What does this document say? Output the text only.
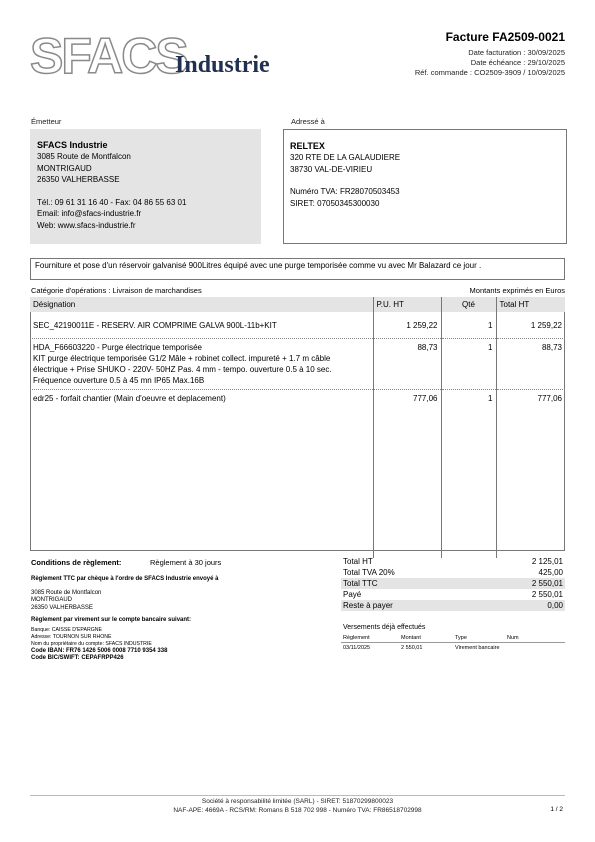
SFACS
Industrie
Facture FA2509-0021
Date facturation : 30/09/2025
Date échéance : 29/10/2025
Réf. commande : CO2509-3909 / 10/09/2025
Émetteur	Adressé à
SFACS Industrie
3085 Route de Montfalcon
MONTRIGAUD
26350 VALHERBASSE
Tél.: 09 61 31 16 40 - Fax: 04 86 55 63 01
Email: info@sfacs-industrie.fr
Web: www.sfacs-industrie.fr
RELTEX
320 RTE DE LA GALAUDIERE
38730 VAL-DE-VIRIEU
Numéro TVA: FR28070503453
SIRET: 07050345300030
Fourniture et pose d'un réservoir galvanisé 900Litres équipé avec une purge temporisée comme vu avec Mr Balazard ce jour .
Catégorie d'opérations : Livraison de marchandises	Montants exprimés en Euros
Désignation	P.U. HT	Qté	Total HT
SEC_42190011E - RESERV. AIR COMPRIME GALVA 900L-11b+KIT	1 259,22	1	1 259,22

HDA_F66603220 - Purge électrique temporisée
KIT purge électrique temporisée G1/2 Mâle + robinet collect. impureté + 1.7 m câble
électrique + Prise SHUKO - 220V- 50HZ Pas. 4 mm - tempo. ouverture 0.5 à 10 sec.
Fréquence ouverture 0.5 à 45 mn IP65 Max.16B	88,73	1	88,73
edr25 - forfait chantier (Main d'oeuvre et deplacement)	777,06	1	777,06
Conditions de règlement:	Règlement à 30 jours
Règlement TTC par chèque à l'ordre de SFACS Industrie envoyé à
3085 Route de Montfalcon
MONTRIGAUD
26350 VALHERBASSE
Règlement par virement sur le compte bancaire suivant:
Banque: CAISSE D'EPARGNE
Adresse: TOURNON SUR RHONE
Nom du propriétaire du compte: SFACS INDUSTRIE
Code IBAN: FR76 1426 5006 0008 7710 9354 338
Code BIC/SWIFT: CEPAFRPP426
Total HT	2 125,01
Total TVA 20%	425,00
Total TTC	2 550,01
Payé	2 550,01
Reste à payer	0,00
Versements déjà effectués
Règlement	Montant	Type	Num
03/11/2025	2 550,01	Virement bancaire	
Société à responsabilité limitée (SARL) - SIRET: 51870299800023
NAF-APE: 4669A - RCS/RM: Romans B 518 702 998 - Numéro TVA: FR86518702998	1 / 2
